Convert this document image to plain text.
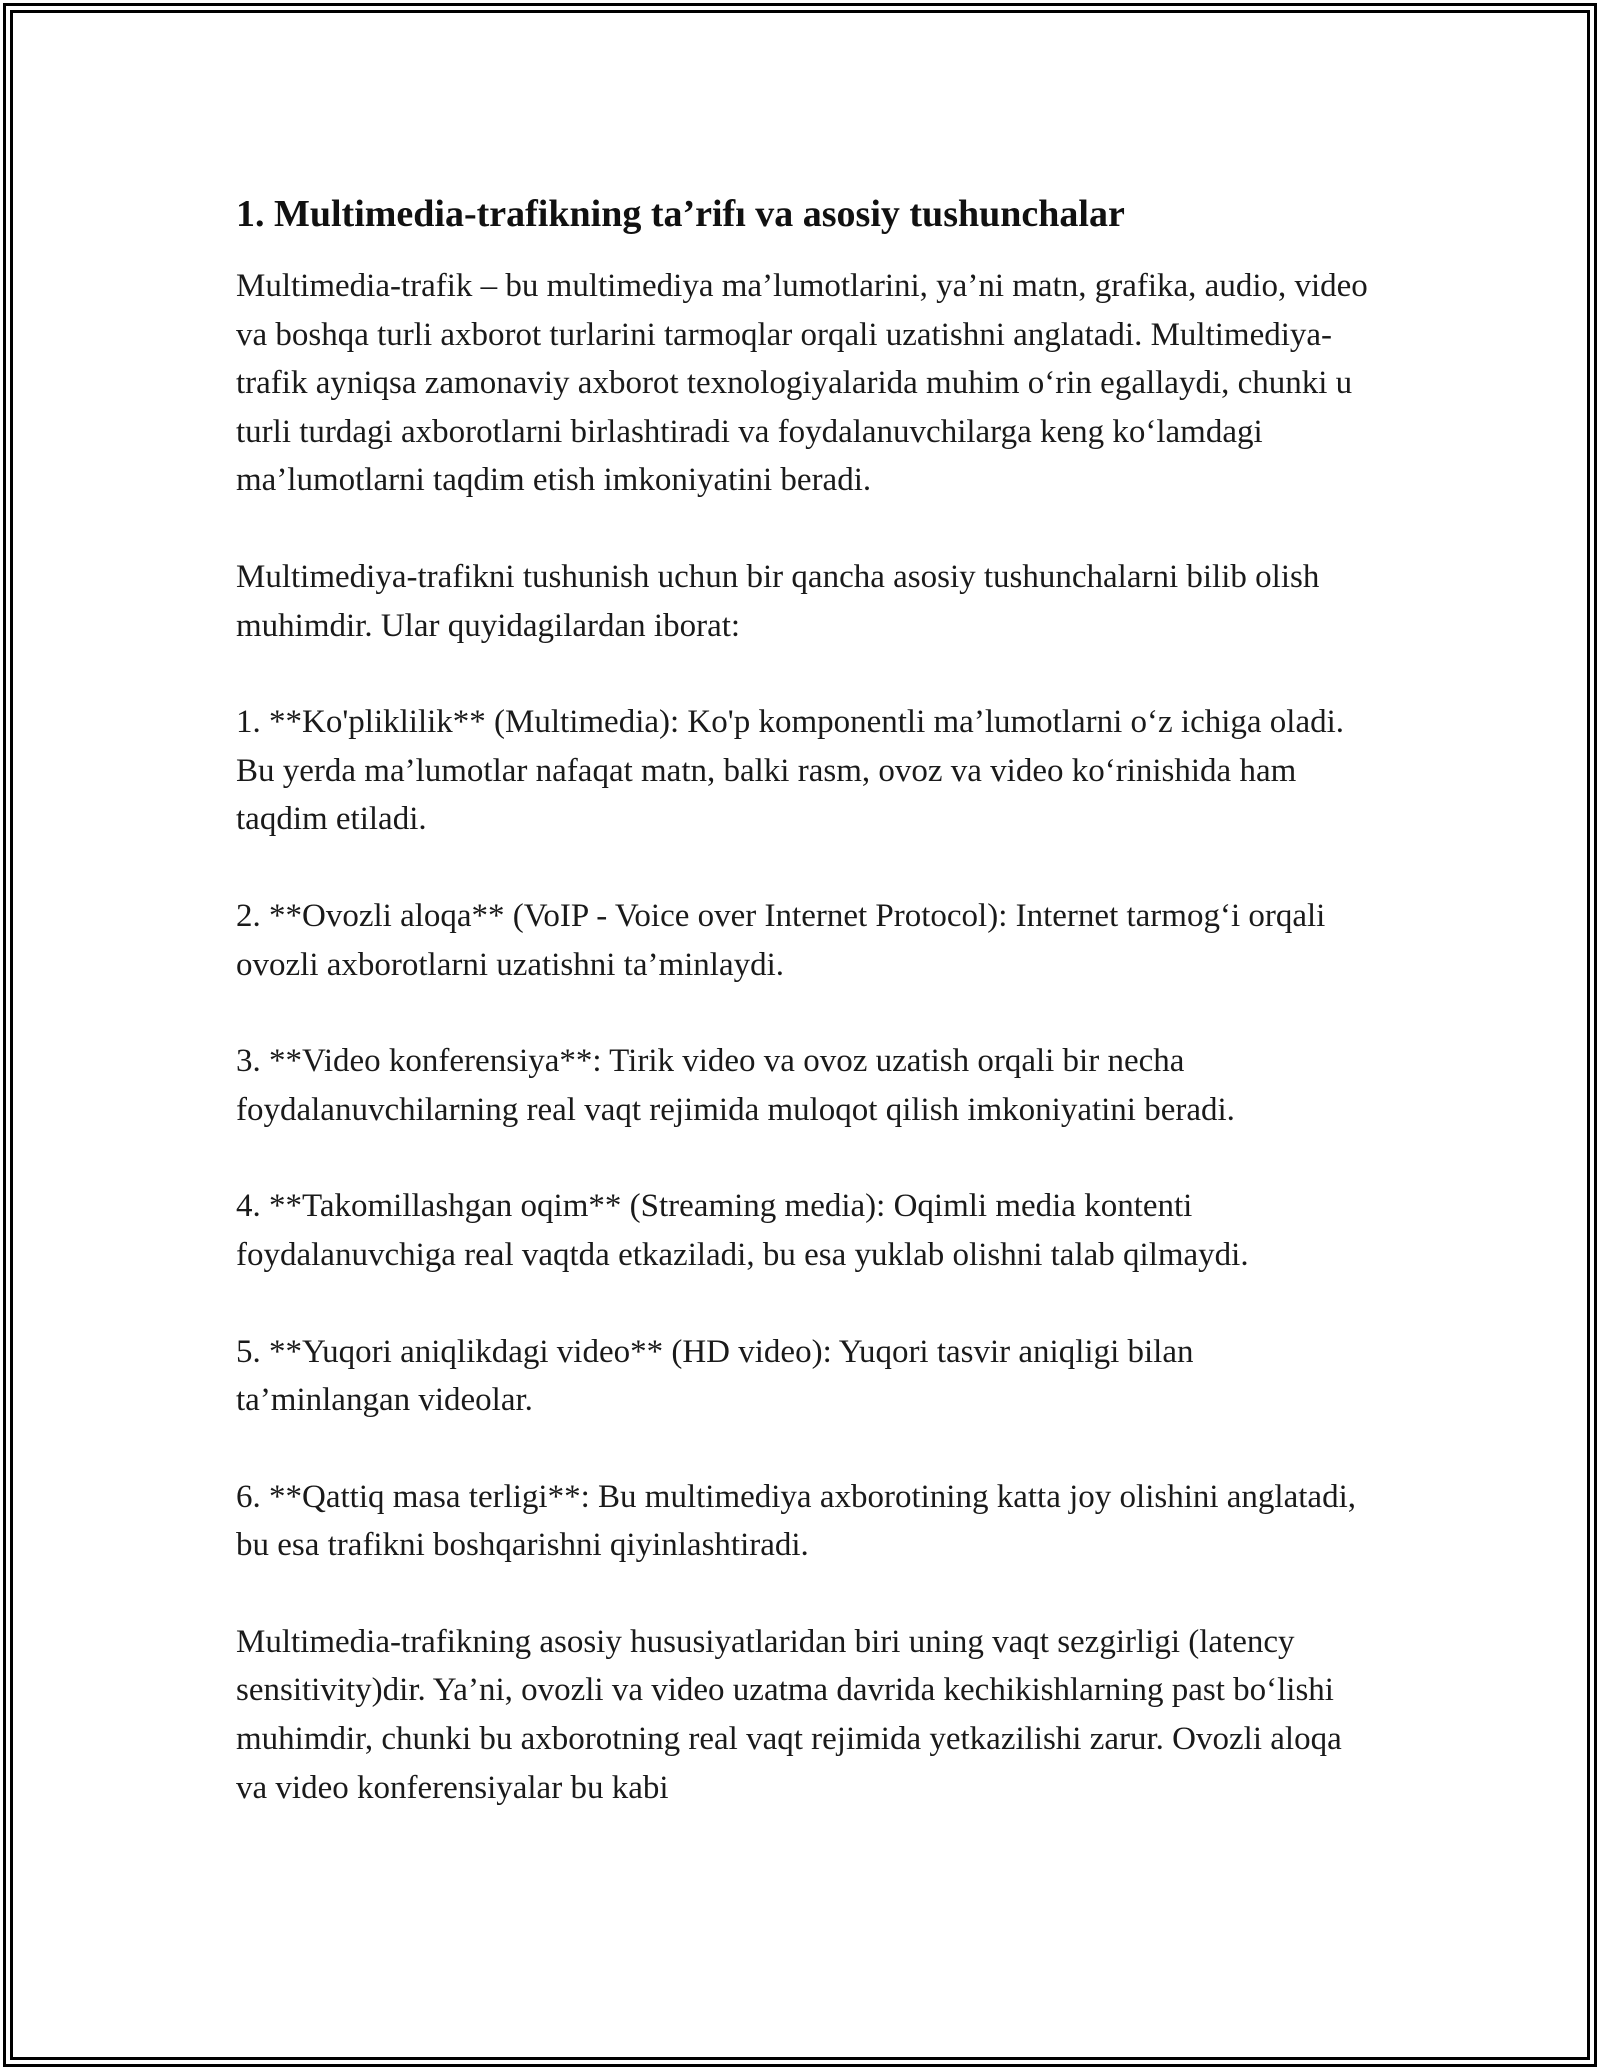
1. Multimedia-trafikning ta’rifı va asosiy tushunchalar

Multimedia-trafik – bu multimediya ma’lumotlarini, ya’ni matn, grafika, audio, video va boshqa turli axborot turlarini tarmoqlar orqali uzatishni anglatadi. Multimediya-trafik ayniqsa zamonaviy axborot texnologiyalarida muhim o‘rin egallaydi, chunki u turli turdagi axborotlarni birlashtiradi va foydalanuvchilarga keng ko‘lamdagi ma’lumotlarni taqdim etish imkoniyatini beradi.

Multimediya-trafikni tushunish uchun bir qancha asosiy tushunchalarni bilib olish muhimdir. Ular quyidagilardan iborat:

1. **Ko'pliklilik** (Multimedia): Ko'p komponentli ma’lumotlarni o‘z ichiga oladi. Bu yerda ma’lumotlar nafaqat matn, balki rasm, ovoz va video ko‘rinishida ham taqdim etiladi.

2. **Ovozli aloqa** (VoIP - Voice over Internet Protocol): Internet tarmog‘i orqali ovozli axborotlarni uzatishni ta’minlaydi.

3. **Video konferensiya**: Tirik video va ovoz uzatish orqali bir necha foydalanuvchilarning real vaqt rejimida muloqot qilish imkoniyatini beradi.

4. **Takomillashgan oqim** (Streaming media): Oqimli media kontenti foydalanuvchiga real vaqtda etkaziladi, bu esa yuklab olishni talab qilmaydi.

5. **Yuqori aniqlikdagi video** (HD video): Yuqori tasvir aniqligi bilan ta’minlangan videolar.

6. **Qattiq masa terligi**: Bu multimediya axborotining katta joy olishini anglatadi, bu esa trafikni boshqarishni qiyinlashtiradi.

Multimedia-trafikning asosiy hususiyatlaridan biri uning vaqt sezgirligi (latency sensitivity)dir. Ya’ni, ovozli va video uzatma davrida kechikishlarning past bo‘lishi muhimdir, chunki bu axborotning real vaqt rejimida yetkazilishi zarur. Ovozli aloqa va video konferensiyalar bu kabi
